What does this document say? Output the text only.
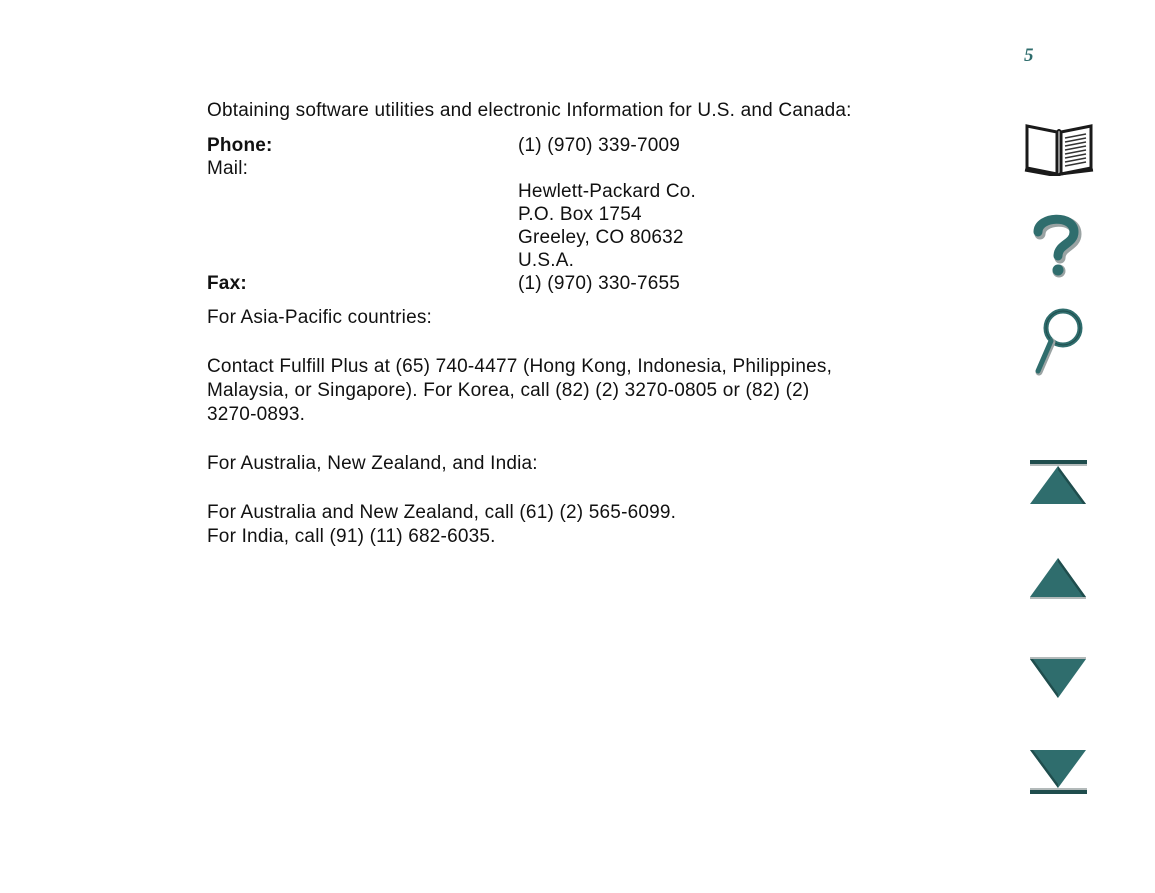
5

Obtaining software utilities and electronic Information for U.S. and Canada:

Phone:	(1) (970) 339-7009
Mail:
Hewlett-Packard Co.
P.O. Box 1754
Greeley, CO 80632
U.S.A.
Fax:	(1) (970) 330-7655

For Asia-Pacific countries:

Contact Fulfill Plus at (65) 740-4477 (Hong Kong, Indonesia, Philippines,

Malaysia, or Singapore). For Korea, call (82) (2) 3270-0805 or (82) (2)

3270-0893.

For Australia, New Zealand, and India:

For Australia and New Zealand, call (61) (2) 565-6099.

For India, call (91) (11) 682-6035.
